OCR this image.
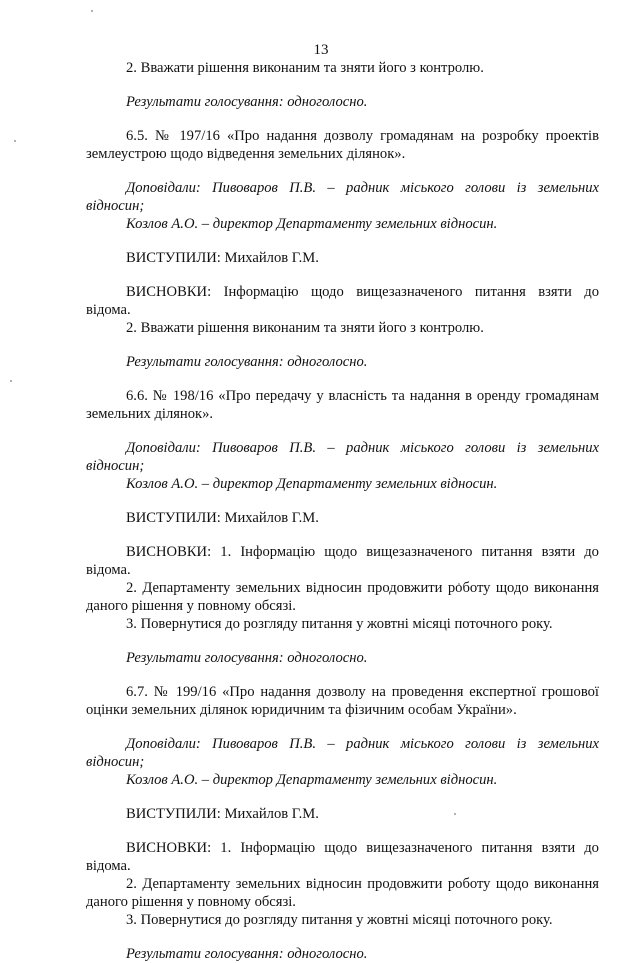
13

2. Вважати рішення виконаним та зняти його з контролю.

Результати голосування: одноголосно.

6.5. № 197/16 «Про надання дозволу громадянам на розробку проектів

землеустрою щодо відведення земельних ділянок».

Доповідали: Пивоваров П.В. – радник міського голови із земельних

відносин;

Козлов А.О. – директор Департаменту земельних відносин.

ВИСТУПИЛИ: Михайлов Г.М.

ВИСНОВКИ: Інформацію щодо вищезазначеного питання взяти до

відома.

2. Вважати рішення виконаним та зняти його з контролю.

Результати голосування: одноголосно.

6.6. № 198/16 «Про передачу у власність та надання в оренду громадянам

земельних ділянок».

Доповідали: Пивоваров П.В. – радник міського голови із земельних

відносин;

Козлов А.О. – директор Департаменту земельних відносин.

ВИСТУПИЛИ: Михайлов Г.М.

ВИСНОВКИ: 1. Інформацію щодо вищезазначеного питання взяти до

відома.

2. Департаменту земельних відносин продовжити роботу щодо виконання

даного рішення у повному обсязі.

3. Повернутися до розгляду питання у жовтні місяці поточного року.

Результати голосування: одноголосно.

6.7. № 199/16 «Про надання дозволу на проведення експертної грошової

оцінки земельних ділянок юридичним та фізичним особам України».

Доповідали: Пивоваров П.В. – радник міського голови із земельних

відносин;

Козлов А.О. – директор Департаменту земельних відносин.

ВИСТУПИЛИ: Михайлов Г.М.

ВИСНОВКИ: 1. Інформацію щодо вищезазначеного питання взяти до

відома.

2. Департаменту земельних відносин продовжити роботу щодо виконання

даного рішення у повному обсязі.

3. Повернутися до розгляду питання у жовтні місяці поточного року.

Результати голосування: одноголосно.
